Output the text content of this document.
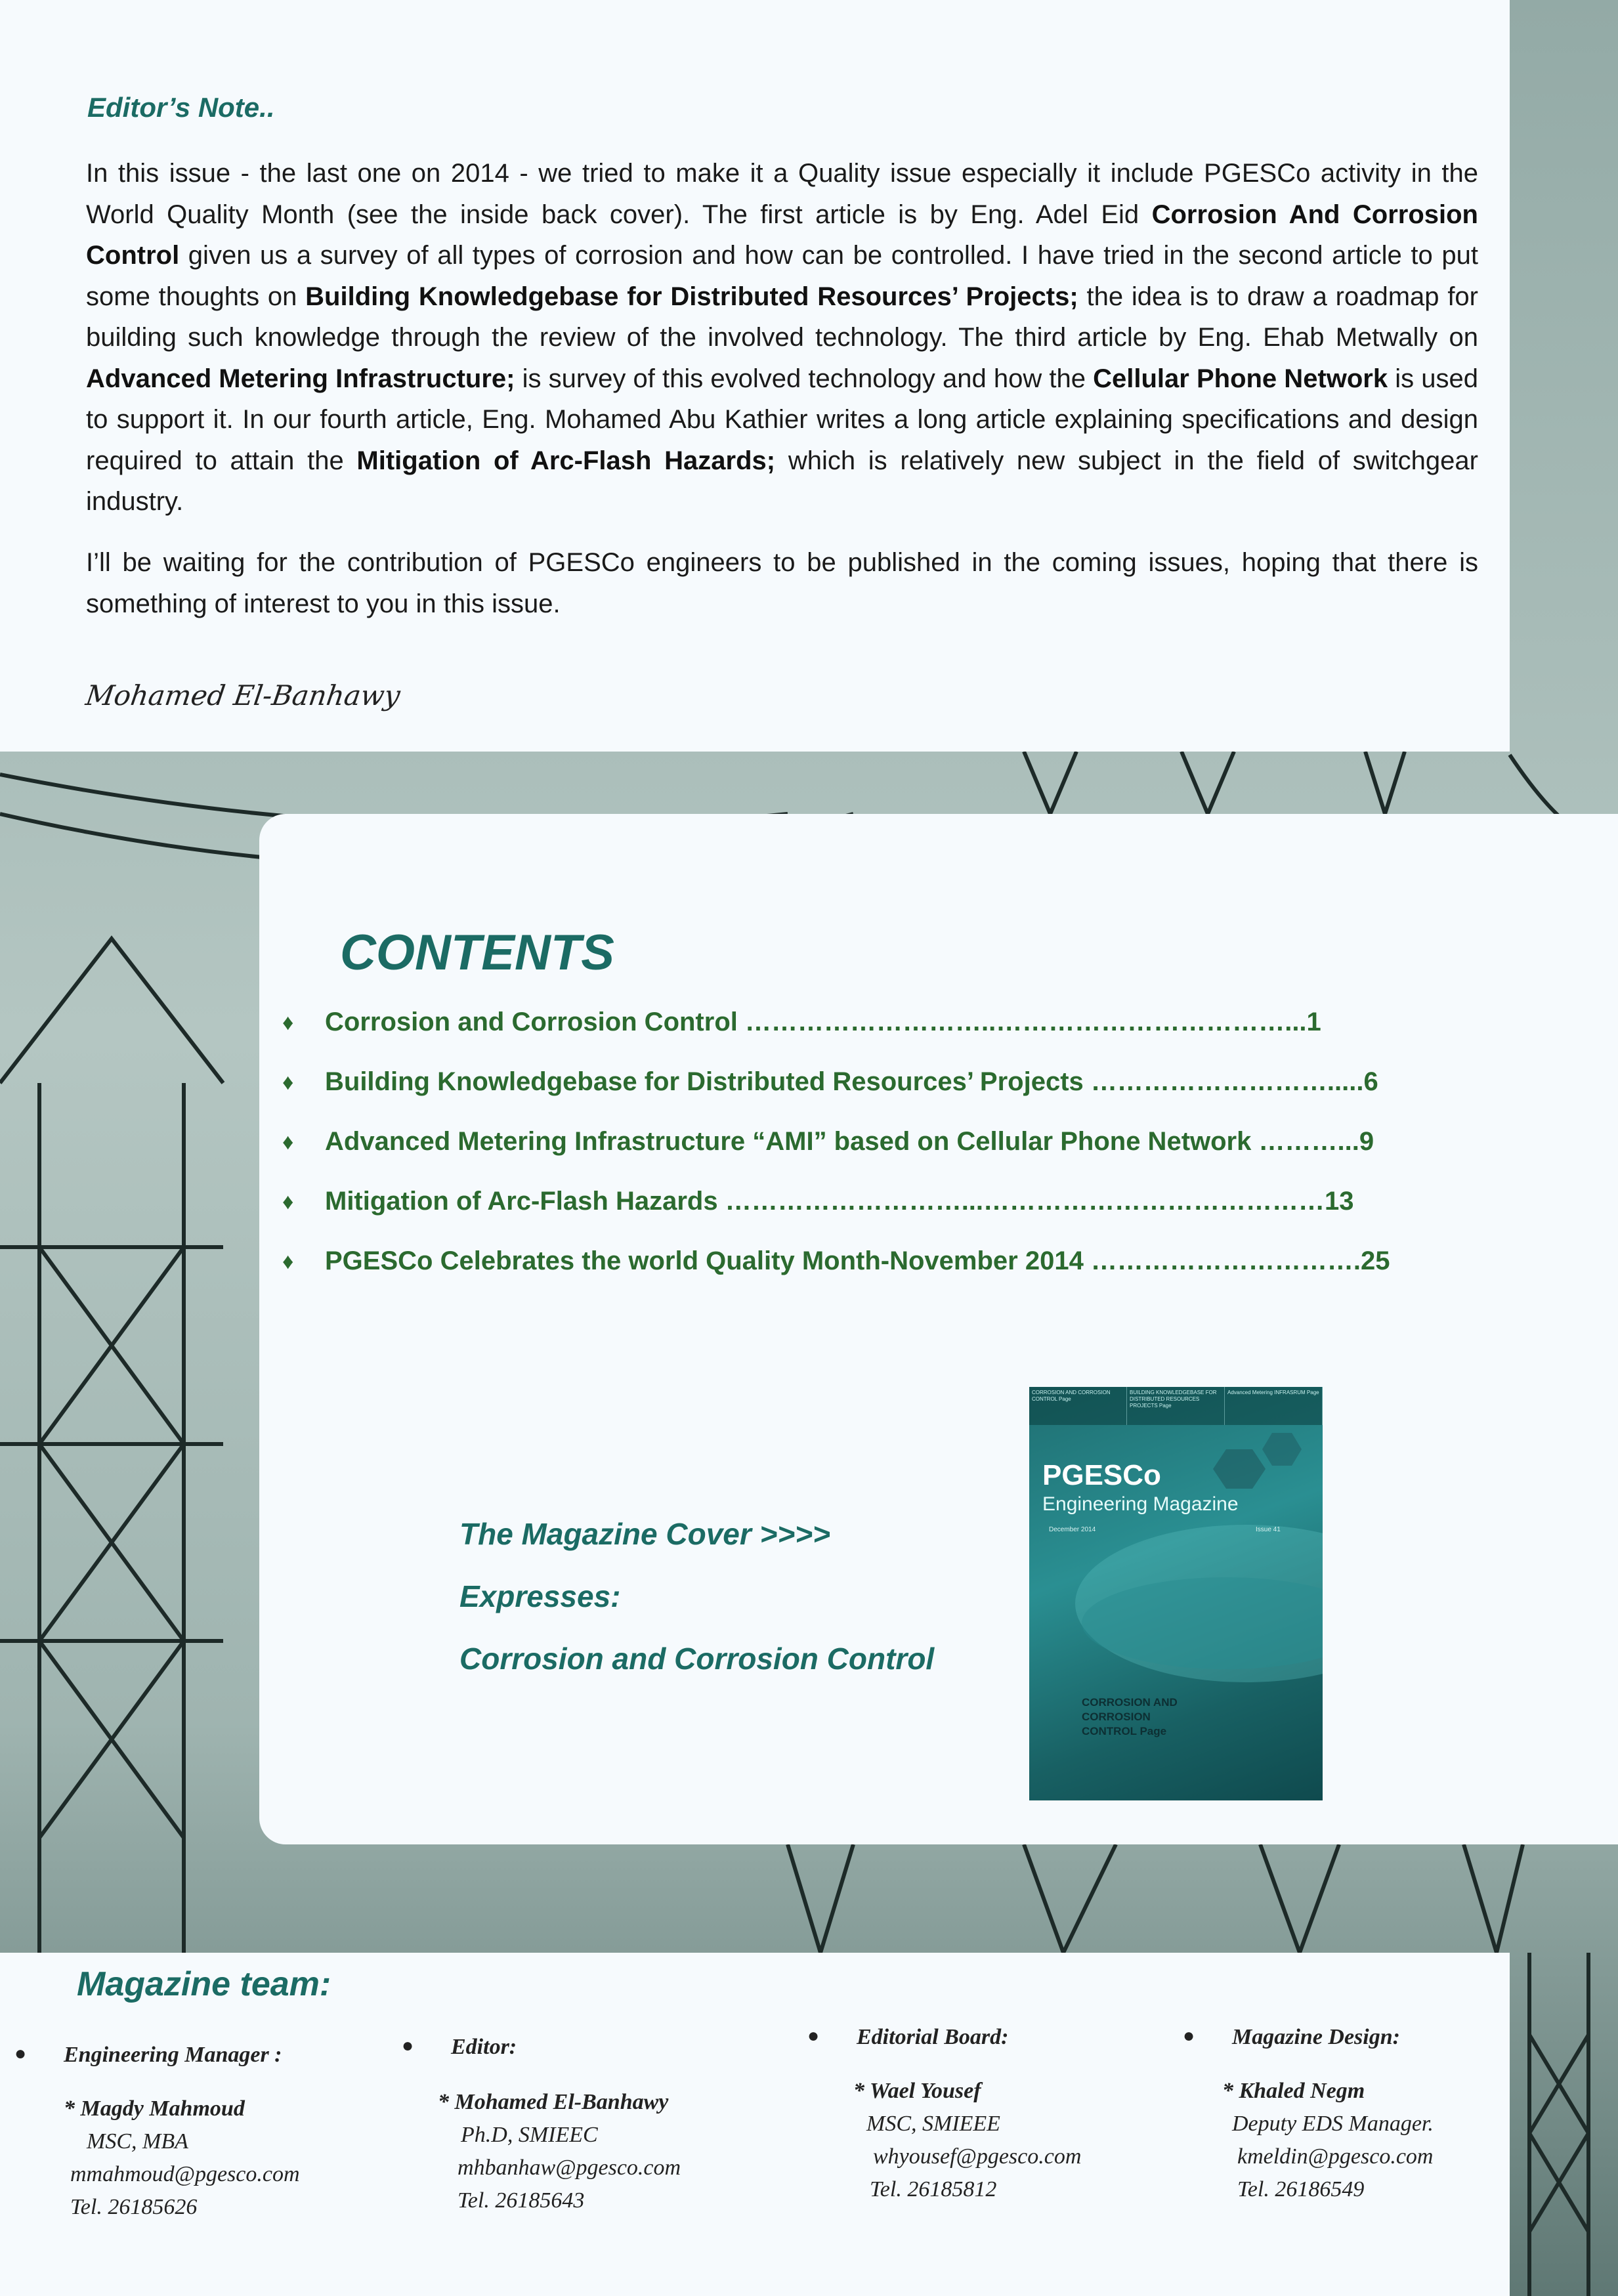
Editor’s Note..

In this issue - the last one on 2014 - we tried to make it a Quality issue especially it include PGESCo activity in the World Quality Month (see the inside back cover). The first article is by Eng. Adel Eid Corrosion And Corrosion Control given us a survey of all types of corrosion and how can be controlled. I have tried in the second article to put some thoughts on Building Knowledgebase for Distributed Resources’ Projects; the idea is to draw a roadmap for building such knowledge through the review of the involved technology. The third article by Eng. Ehab Metwally on Advanced Metering Infrastructure; is survey of this evolved technology and how the Cellular Phone Network is used to support it. In our fourth article, Eng. Mohamed Abu Kathier writes a long article explaining specifications and design required to attain the Mitigation of Arc-Flash Hazards; which is relatively new subject in the field of switchgear industry.

I’ll be waiting for the contribution of PGESCo engineers to be published in the coming issues, hoping that there is something of interest to you in this issue.

Mohamed El-Banhawy
CONTENTS
♦ Corrosion and Corrosion Control ………………………..……………………………...1
♦ Building Knowledgebase for Distributed Resources’ Projects ……………………….....6
♦ Advanced Metering Infrastructure “AMI” based on Cellular Phone Network ………...9
♦ Mitigation of Arc-Flash Hazards ………………………...…………………………………13
♦ PGESCo Celebrates the world Quality Month-November 2014 ………………………….25
The Magazine Cover >>>>
Expresses:
Corrosion and Corrosion Control
CORROSION AND CORROSION CONTROL Page
BUILDING KNOWLEDGEBASE FOR DISTRIBUTED RESOURCES PROJECTS Page
Advanced Metering INFRASRUM Page
PGESCo
Engineering Magazine
December 2014	Issue 41
CORROSION AND
CORROSION
CONTROL Page
Magazine team:
● Engineering Manager :
* Magdy Mahmoud
MSC, MBA
mmahmoud@pgesco.com
Tel. 26185626
● Editor:
* Mohamed El-Banhawy
Ph.D, SMIEEC
mhbanhaw@pgesco.com
Tel. 26185643
● Editorial Board:
* Wael Yousef
MSC, SMIEEE
whyousef@pgesco.com
Tel. 26185812
● Magazine Design:
* Khaled Negm
Deputy EDS Manager.
kmeldin@pgesco.com
Tel. 26186549
